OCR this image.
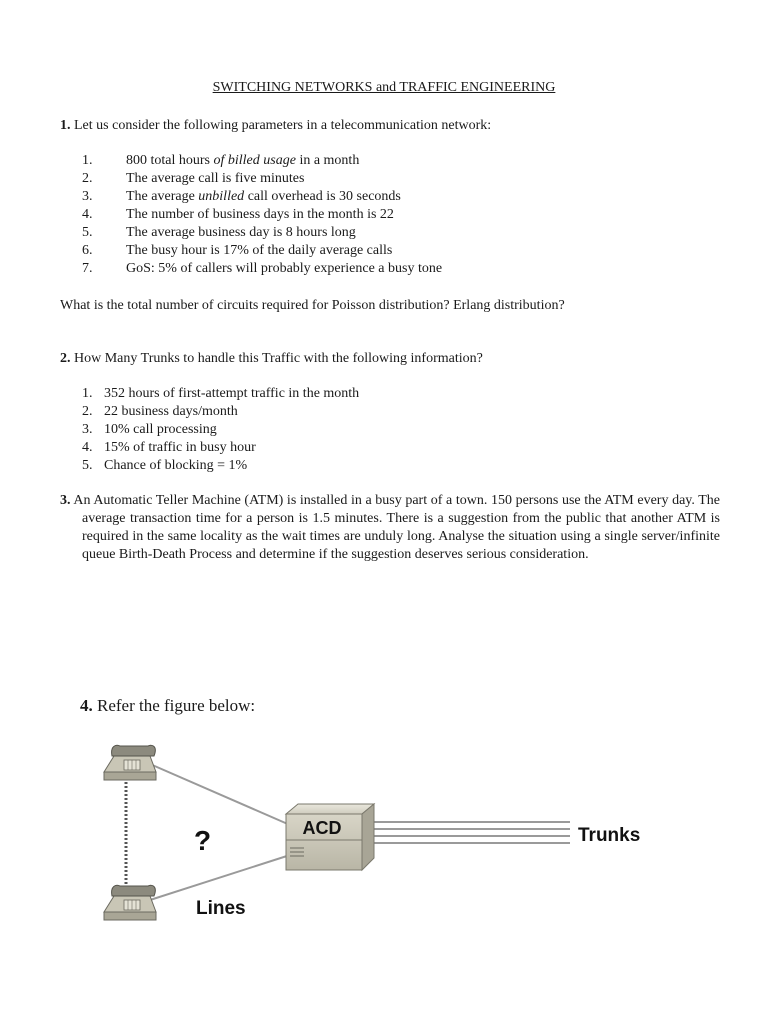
SWITCHING NETWORKS and TRAFFIC ENGINEERING
1. Let us consider the following parameters in a telecommunication network:
1. 800 total hours of billed usage in a month
2. The average call is five minutes
3. The average unbilled call overhead is 30 seconds
4. The number of business days in the month is 22
5. The average business day is 8 hours long
6. The busy hour is 17% of the daily average calls
7. GoS: 5% of callers will probably experience a busy tone
What is the total number of circuits required for Poisson distribution? Erlang distribution?
2. How Many Trunks to handle this Traffic with the following information?
1. 352 hours of first-attempt traffic in the month
2. 22 business days/month
3. 10% call processing
4. 15% of traffic in busy hour
5. Chance of blocking = 1%
3. An Automatic Teller Machine (ATM) is installed in a busy part of a town. 150 persons use the ATM every day. The average transaction time for a person is 1.5 minutes. There is a suggestion from the public that another ATM is required in the same locality as the wait times are unduly long. Analyse the situation using a single server/infinite queue Birth-Death Process and determine if the suggestion deserves serious consideration.
4. Refer the figure below:
ACD	Trunks
?
Lines
